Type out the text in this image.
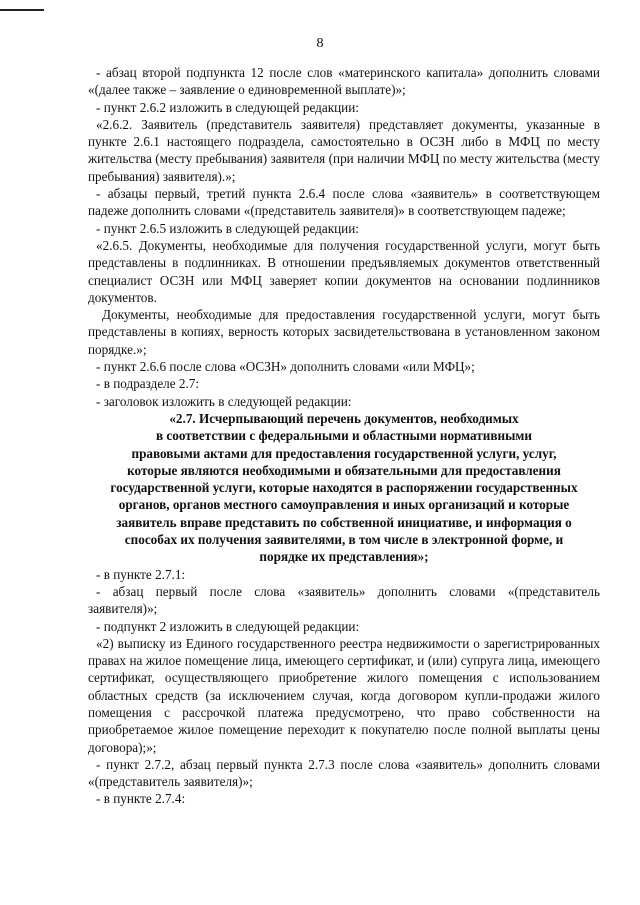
8

- абзац второй подпункта 12 после слов «материнского капитала» дополнить словами «(далее также – заявление о единовременной выплате)»;

- пункт 2.6.2 изложить в следующей редакции:

«2.6.2. Заявитель (представитель заявителя) представляет документы, указанные в пункте 2.6.1 настоящего подраздела, самостоятельно в ОСЗН либо в МФЦ по месту жительства (месту пребывания) заявителя (при наличии МФЦ по месту жительства (месту пребывания) заявителя).»;

- абзацы первый, третий пункта 2.6.4 после слова «заявитель» в соответствующем падеже дополнить словами «(представитель заявителя)» в соответствующем падеже;

- пункт 2.6.5 изложить в следующей редакции:

«2.6.5. Документы, необходимые для получения государственной услуги, могут быть представлены в подлинниках. В отношении предъявляемых документов ответственный специалист ОСЗН или МФЦ заверяет копии документов на основании подлинников документов.

Документы, необходимые для предоставления государственной услуги, могут быть представлены в копиях, верность которых засвидетельствована в установленном законом порядке.»;

- пункт 2.6.6 после слова «ОСЗН» дополнить словами «или МФЦ»;

- в подразделе 2.7:

- заголовок изложить в следующей редакции:

«2.7. Исчерпывающий перечень документов, необходимых
в соответствии с федеральными и областными нормативными
правовыми актами для предоставления государственной услуги, услуг,
которые являются необходимыми и обязательными для предоставления
государственной услуги, которые находятся в распоряжении государственных
органов, органов местного самоуправления и иных организаций и которые
заявитель вправе представить по собственной инициативе, и информация о
способах их получения заявителями, в том числе в электронной форме, и
порядке их представления»;

- в пункте 2.7.1:

- абзац первый после слова «заявитель» дополнить словами «(представитель заявителя)»;

- подпункт 2 изложить в следующей редакции:

«2) выписку из Единого государственного реестра недвижимости о зарегистрированных правах на жилое помещение лица, имеющего сертификат, и (или) супруга лица, имеющего сертификат, осуществляющего приобретение жилого помещения с использованием областных средств (за исключением случая, когда договором купли-продажи жилого помещения с рассрочкой платежа предусмотрено, что право собственности на приобретаемое жилое помещение переходит к покупателю после полной выплаты цены договора);»;

- пункт 2.7.2, абзац первый пункта 2.7.3 после слова «заявитель» дополнить словами «(представитель заявителя)»;

- в пункте 2.7.4:
